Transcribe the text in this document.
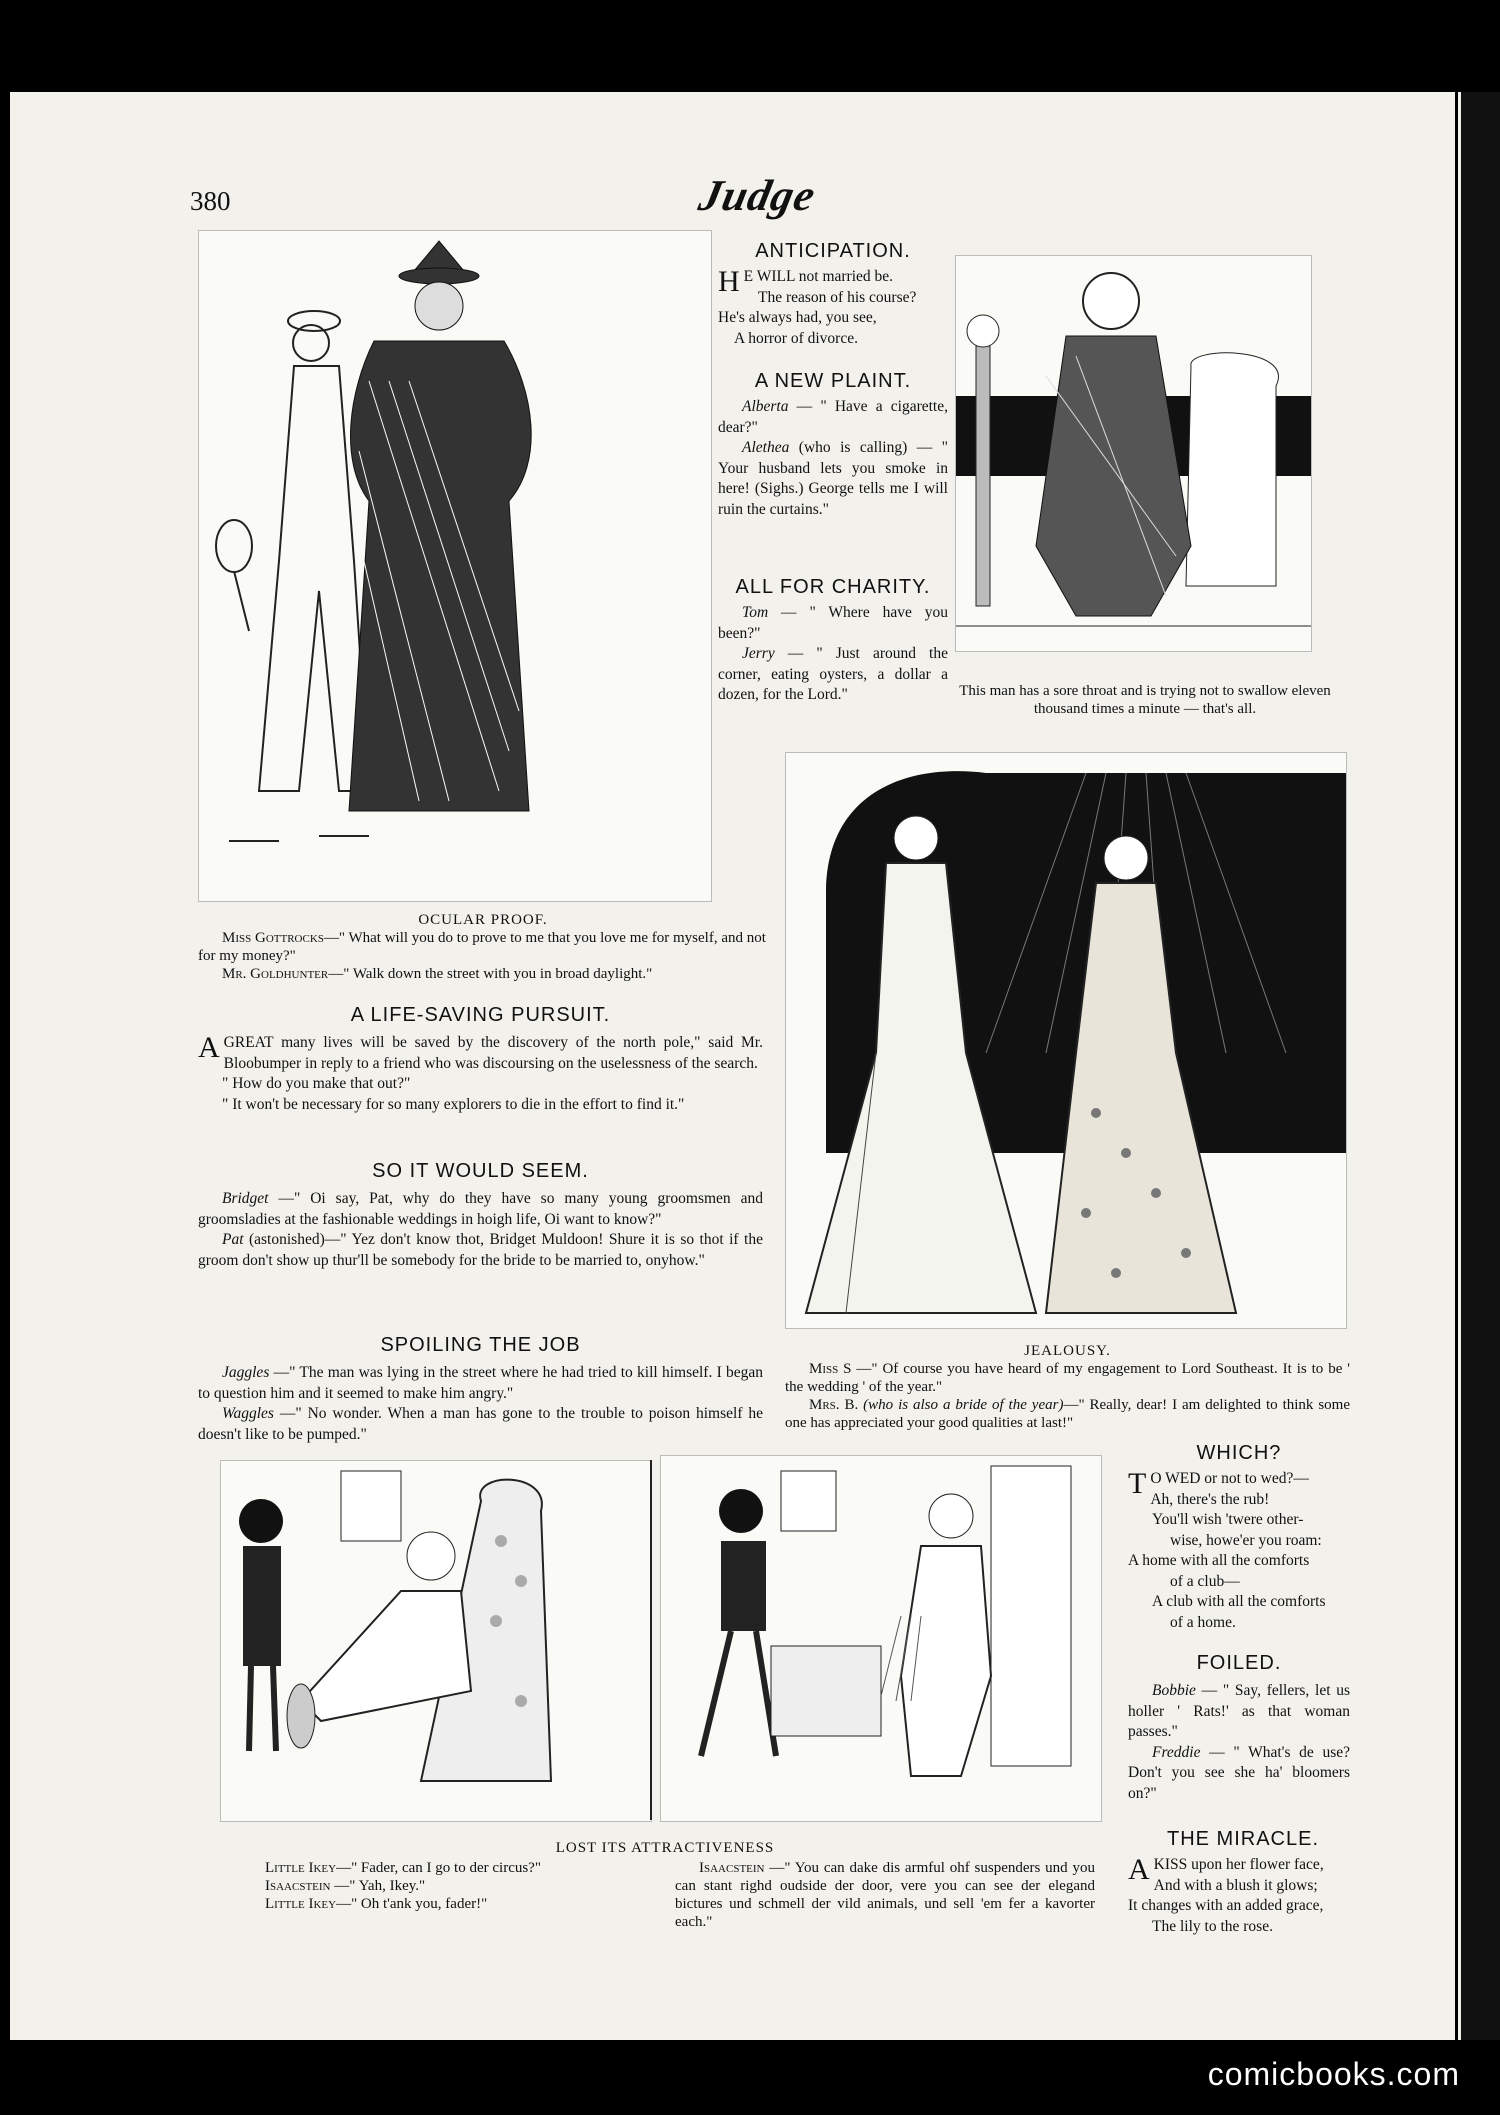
380	Judge
ANTICIPATION.
H E WILL not married be.

The reason of his course?

He's always had, you see,

A horror of divorce.

A NEW PLAINT.

Alberta — " Have a cigarette, dear?"

Alethea (who is calling) — " Your husband lets you smoke in here! (Sighs.) George tells me I will ruin the curtains."

ALL FOR CHARITY.

Tom — " Where have you been?"

Jerry — " Just around the corner, eating oysters, a dollar a dozen, for the Lord."	This man has a sore throat and is trying not to swallow eleven thousand times a minute — that's all.
OCULAR PROOF.

Miss Gottrocks—" What will you do to prove to me that you love me for myself, and not for my money?"

Mr. Goldhunter—" Walk down the street with you in broad daylight."

A LIFE-SAVING PURSUIT.

A GREAT many lives will be saved by the discovery of the north pole," said Mr. Bloobumper in reply to a friend who was discoursing on the uselessness of the search.

" How do you make that out?"

" It won't be necessary for so many explorers to die in the effort to find it."

SO IT WOULD SEEM.

Bridget —" Oi say, Pat, why do they have so many young groomsmen and groomsladies at the fashionable weddings in hoigh life, Oi want to know?"

Pat (astonished)—" Yez don't know thot, Bridget Muldoon! Shure it is so thot if the groom don't show up thur'll be somebody for the bride to be married to, onyhow."

SPOILING THE JOB

Jaggles —" The man was lying in the street where he had tried to kill himself. I began to question him and it seemed to make him angry."

Waggles —" No wonder. When a man has gone to the trouble to poison himself he doesn't like to be pumped."

JEALOUSY.

Miss S —" Of course you have heard of my engagement to Lord Southeast. It is to be ' the wedding ' of the year."

Mrs. B. (who is also a bride of the year)—" Really, dear! I am delighted to think some one has appreciated your good qualities at last!"

LOST ITS ATTRACTIVENESS

Little Ikey—" Fader, can I go to der circus?"

Isaacstein —" Yah, Ikey."

Little Ikey—" Oh t'ank you, fader!"

Isaacstein —" You can dake dis armful ohf suspenders und you can stant righd oudside der door, vere you can see der elegand bictures und schmell der vild animals, und sell 'em fer a kavorter each."

WHICH?
T O WED or not to wed?—

Ah, there's the rub!

You'll wish 'twere other-

wise, howe'er you roam:

A home with all the comforts

of a club—

A club with all the comforts

of a home.

FOILED.

Bobbie — " Say, fellers, let us holler ' Rats!' as that woman passes."

Freddie — " What's de use? Don't you see she ha' bloomers on?"

THE MIRACLE.
A KISS upon her flower face,

And with a blush it glows;

It changes with an added grace,

The lily to the rose.

comicbooks.com
